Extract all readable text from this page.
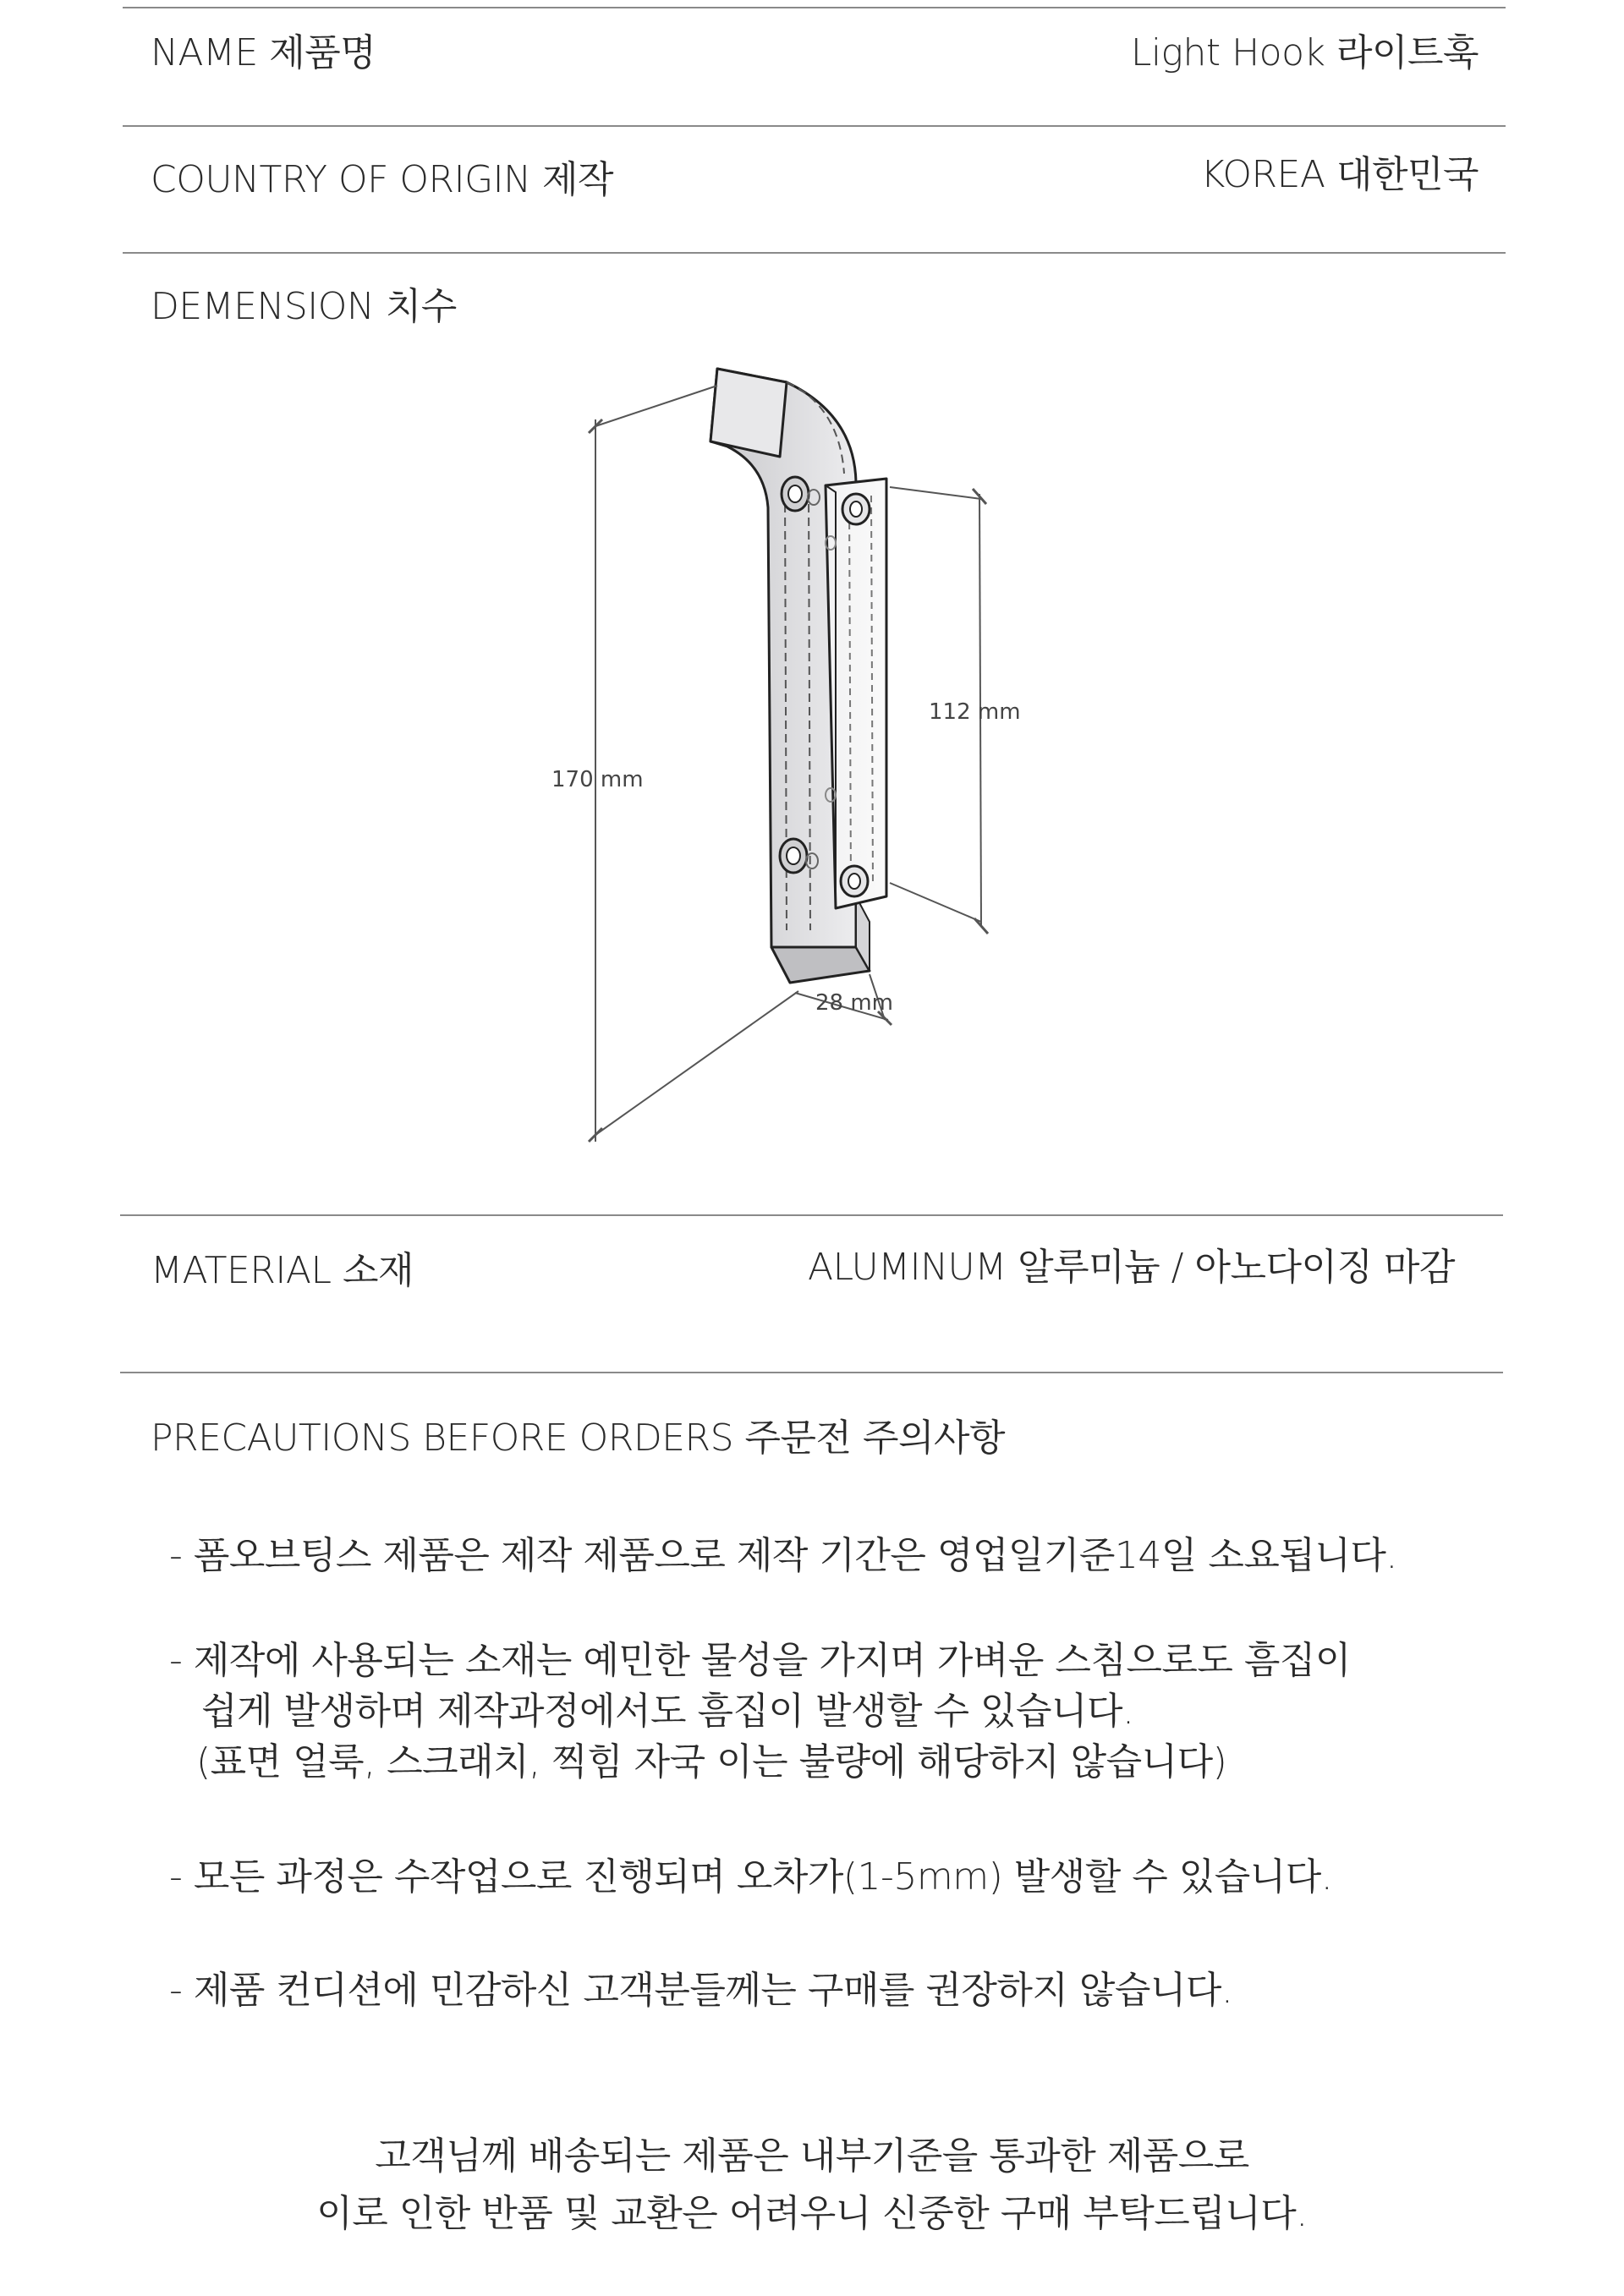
NAME 제품명	Light Hook 라이트훅
COUNTRY OF ORIGIN 제작	KOREA 대한민국
DEMENSION 치수
170 mm
112 mm
28 mm
MATERIAL 소재	ALUMINUM 알루미늄 / 아노다이징 마감
PRECAUTIONS BEFORE ORDERS 주문전 주의사항
- 폼오브팅스 제품은 제작 제품으로 제작 기간은 영업일기준14일 소요됩니다.
- 제작에 사용되는 소재는 예민한 물성을 가지며 가벼운 스침으로도 흠집이
쉽게 발생하며 제작과정에서도 흠집이 발생할 수 있습니다.
(표면 얼룩, 스크래치, 찍힘 자국 이는 불량에 해당하지 않습니다)
- 모든 과정은 수작업으로 진행되며 오차가(1-5mm) 발생할 수 있습니다.
- 제품 컨디션에 민감하신 고객분들께는 구매를 권장하지 않습니다.
고객님께 배송되는 제품은 내부기준을 통과한 제품으로
이로 인한 반품 및 교환은 어려우니 신중한 구매 부탁드립니다.
